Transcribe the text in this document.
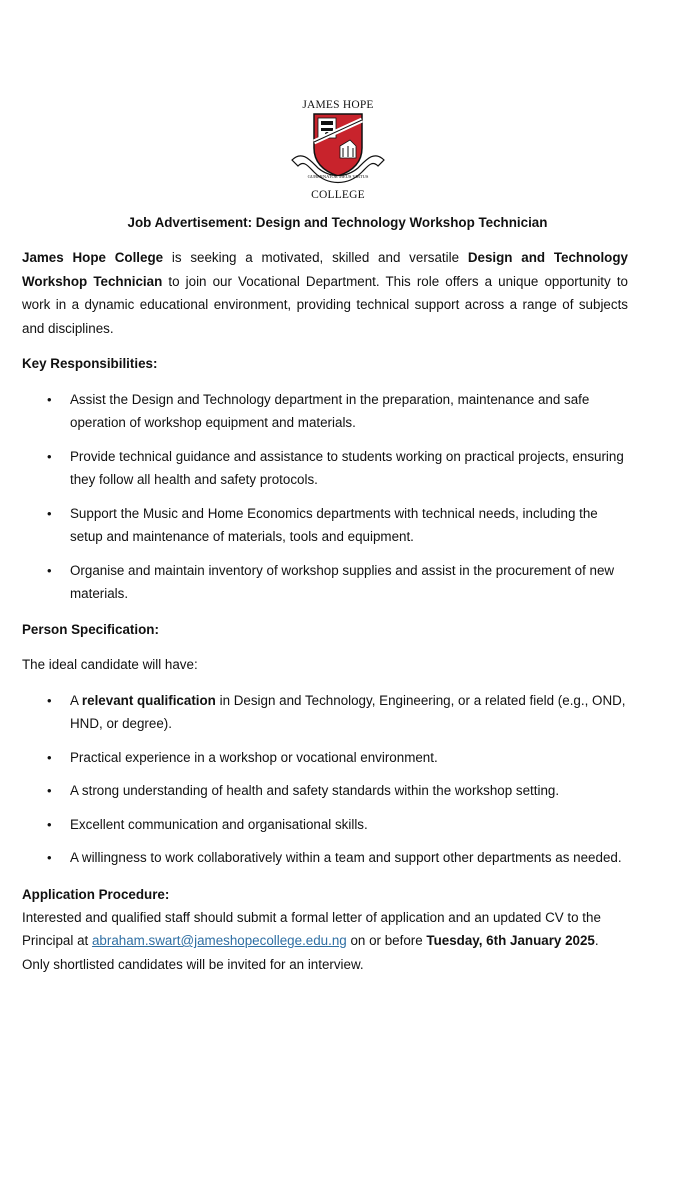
JAMES HOPE
GUBERNATOR MEUS VIRTUS
COLLEGE
Job Advertisement: Design and Technology Workshop Technician

James Hope College is seeking a motivated, skilled and versatile Design and Technology Workshop Technician to join our Vocational Department. This role offers a unique opportunity to work in a dynamic educational environment, providing technical support across a range of subjects and disciplines.

Key Responsibilities:
• Assist the Design and Technology department in the preparation, maintenance and safe operation of workshop equipment and materials.
• Provide technical guidance and assistance to students working on practical projects, ensuring they follow all health and safety protocols.
• Support the Music and Home Economics departments with technical needs, including the setup and maintenance of materials, tools and equipment.
• Organise and maintain inventory of workshop supplies and assist in the procurement of new materials.
Person Specification:

The ideal candidate will have:

• A relevant qualification in Design and Technology, Engineering, or a related field (e.g., OND, HND, or degree).
• Practical experience in a workshop or vocational environment.
• A strong understanding of health and safety standards within the workshop setting.
• Excellent communication and organisational skills.
• A willingness to work collaboratively within a team and support other departments as needed.
Application Procedure:

Interested and qualified staff should submit a formal letter of application and an updated CV to the Principal at abraham.swart@jameshopecollege.edu.ng on or before Tuesday, 6th January 2025. Only shortlisted candidates will be invited for an interview.
